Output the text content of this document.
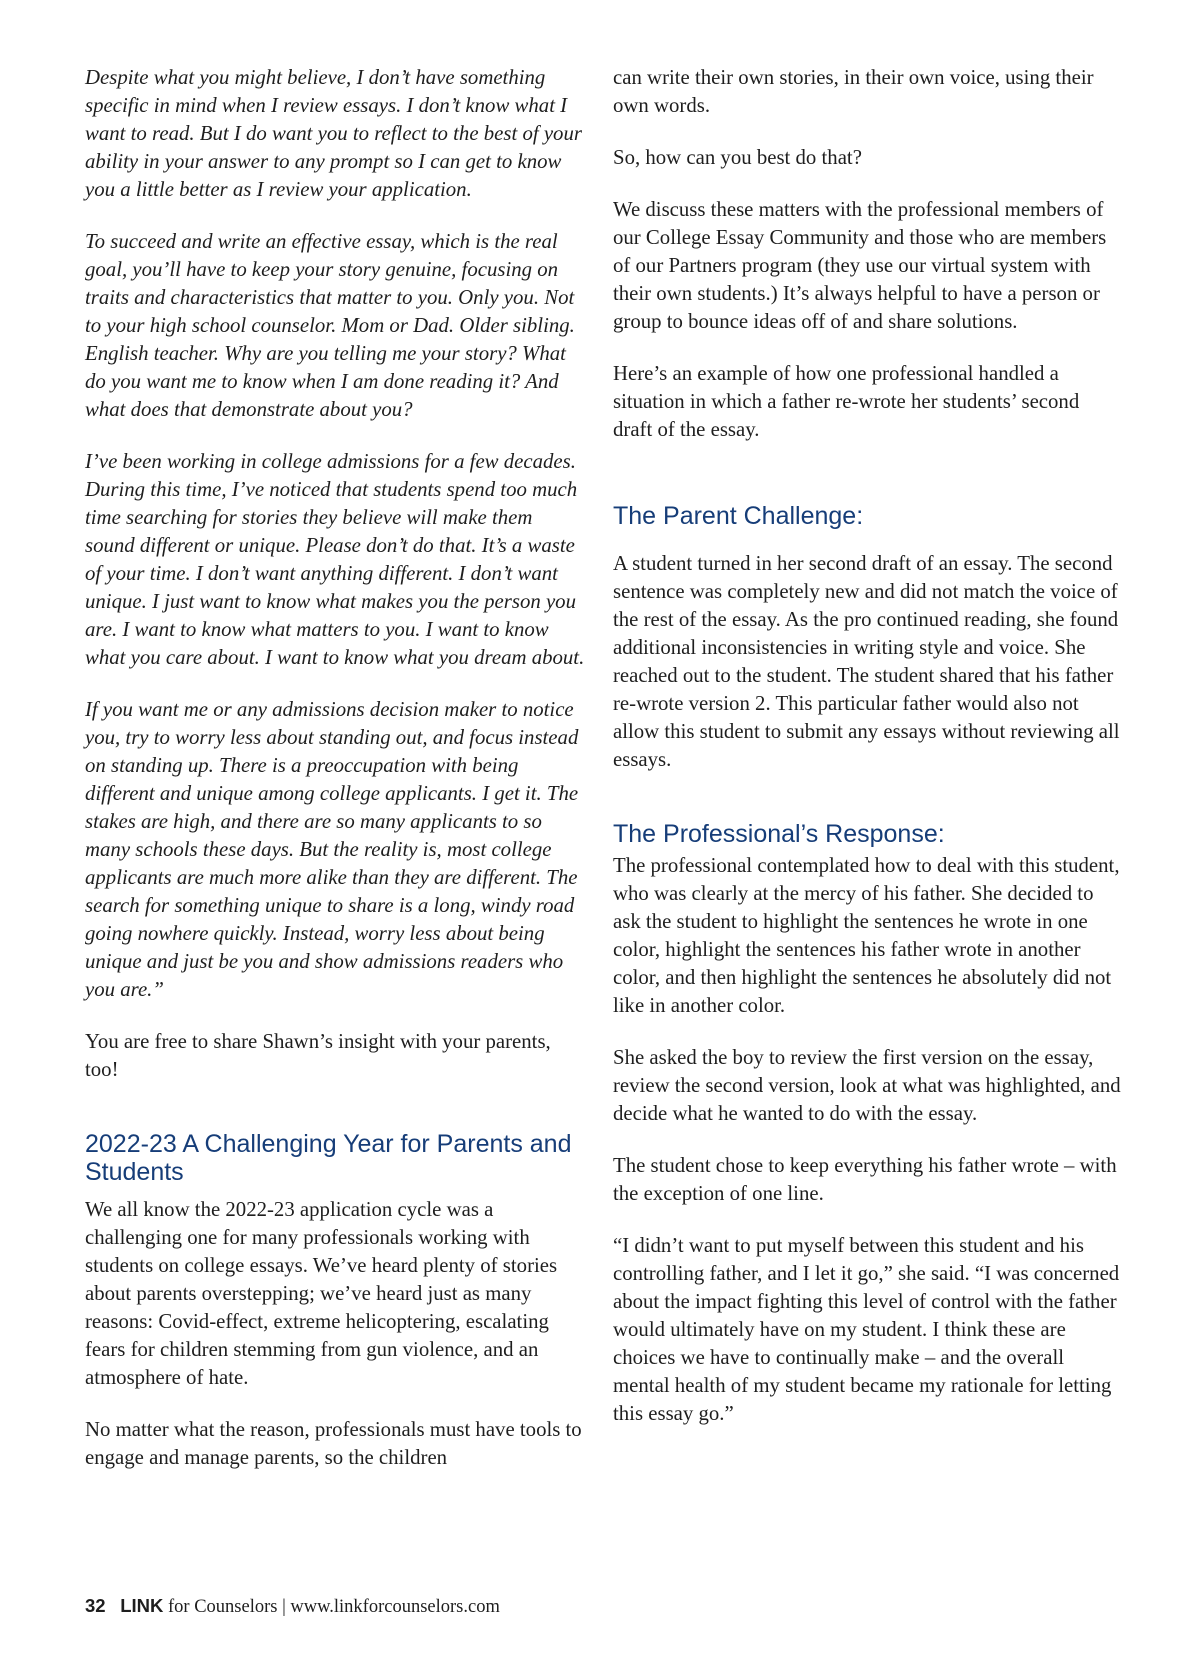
Despite what you might believe, I don’t have something specific in mind when I review essays. I don’t know what I want to read. But I do want you to reflect to the best of your ability in your answer to any prompt so I can get to know you a little better as I review your application.

To succeed and write an effective essay, which is the real goal, you’ll have to keep your story genuine, focusing on traits and characteristics that matter to you. Only you. Not to your high school counselor. Mom or Dad. Older sibling. English teacher. Why are you telling me your story? What do you want me to know when I am done reading it? And what does that demonstrate about you?

I’ve been working in college admissions for a few decades. During this time, I’ve noticed that students spend too much time searching for stories they believe will make them sound different or unique. Please don’t do that. It’s a waste of your time. I don’t want anything different. I don’t want unique. I just want to know what makes you the person you are. I want to know what matters to you. I want to know what you care about. I want to know what you dream about.

If you want me or any admissions decision maker to notice you, try to worry less about standing out, and focus instead on standing up. There is a preoccupation with being different and unique among college applicants. I get it. The stakes are high, and there are so many applicants to so many schools these days. But the reality is, most college applicants are much more alike than they are different. The search for something unique to share is a long, windy road going nowhere quickly. Instead, worry less about being unique and just be you and show admissions readers who you are.”

You are free to share Shawn’s insight with your parents, too!

2022-23 A Challenging Year for Parents and Students

We all know the 2022-23 application cycle was a challenging one for many professionals working with students on college essays. We’ve heard plenty of stories about parents overstepping; we’ve heard just as many reasons: Covid-effect, extreme helicoptering, escalating fears for children stemming from gun violence, and an atmosphere of hate.

No matter what the reason, professionals must have tools to engage and manage parents, so the children

can write their own stories, in their own voice, using their own words.

So, how can you best do that?

We discuss these matters with the professional members of our College Essay Community and those who are members of our Partners program (they use our virtual system with their own students.) It’s always helpful to have a person or group to bounce ideas off of and share solutions.

Here’s an example of how one professional handled a situation in which a father re-wrote her students’ second draft of the essay.

The Parent Challenge:

A student turned in her second draft of an essay. The second sentence was completely new and did not match the voice of the rest of the essay. As the pro continued reading, she found additional inconsistencies in writing style and voice. She reached out to the student. The student shared that his father re-wrote version 2. This particular father would also not allow this student to submit any essays without reviewing all essays.

The Professional’s Response:

The professional contemplated how to deal with this student, who was clearly at the mercy of his father. She decided to ask the student to highlight the sentences he wrote in one color, highlight the sentences his father wrote in another color, and then highlight the sentences he absolutely did not like in another color.

She asked the boy to review the first version on the essay, review the second version, look at what was highlighted, and decide what he wanted to do with the essay.

The student chose to keep everything his father wrote – with the exception of one line.

“I didn’t want to put myself between this student and his controlling father, and I let it go,” she said. “I was concerned about the impact fighting this level of control with the father would ultimately have on my student. I think these are choices we have to continually make – and the overall mental health of my student became my rationale for letting this essay go.”

32 LINK for Counselors | www.linkforcounselors.com
